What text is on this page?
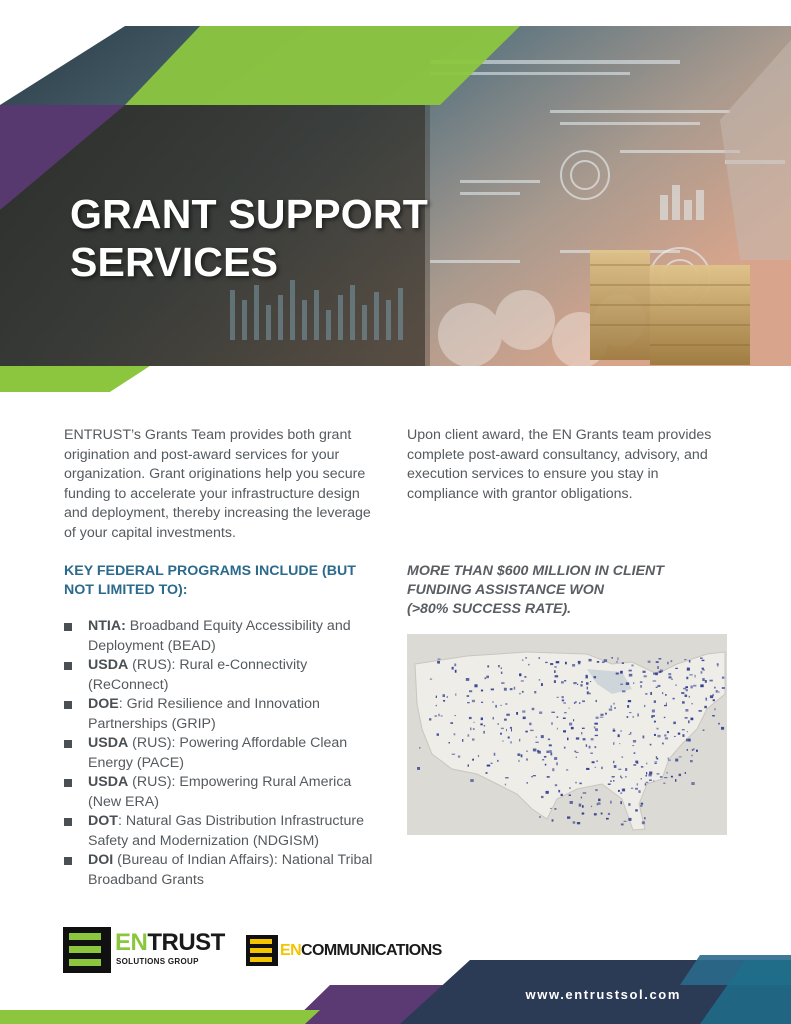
GRANT SUPPORT
SERVICES

ENTRUST’s Grants Team provides both grant origination and post-award services for your organization. Grant originations help you secure funding to accelerate your infrastructure design and deployment, thereby increasing the leverage of your capital investments.

Upon client award, the EN Grants team provides complete post-award consultancy, advisory, and execution services to ensure you stay in compliance with grantor obligations.

KEY FEDERAL PROGRAMS INCLUDE (BUT NOT LIMITED TO):
NTIA: Broadband Equity Accessibility and Deployment (BEAD)
USDA (RUS): Rural e-Connectivity (ReConnect)
DOE: Grid Resilience and Innovation Partnerships (GRIP)
USDA (RUS): Powering Affordable Clean Energy (PACE)
USDA (RUS): Empowering Rural America (New ERA)
DOT: Natural Gas Distribution Infrastructure Safety and Modernization (NDGISM)
DOI (Bureau of Indian Affairs): National Tribal Broadband Grants
MORE THAN $600 MILLION IN CLIENT
FUNDING ASSISTANCE WON
(>80% SUCCESS RATE).
ENTRUST
SOLUTIONS GROUP
ENCOMMUNICATIONS
www.entrustsol.com
